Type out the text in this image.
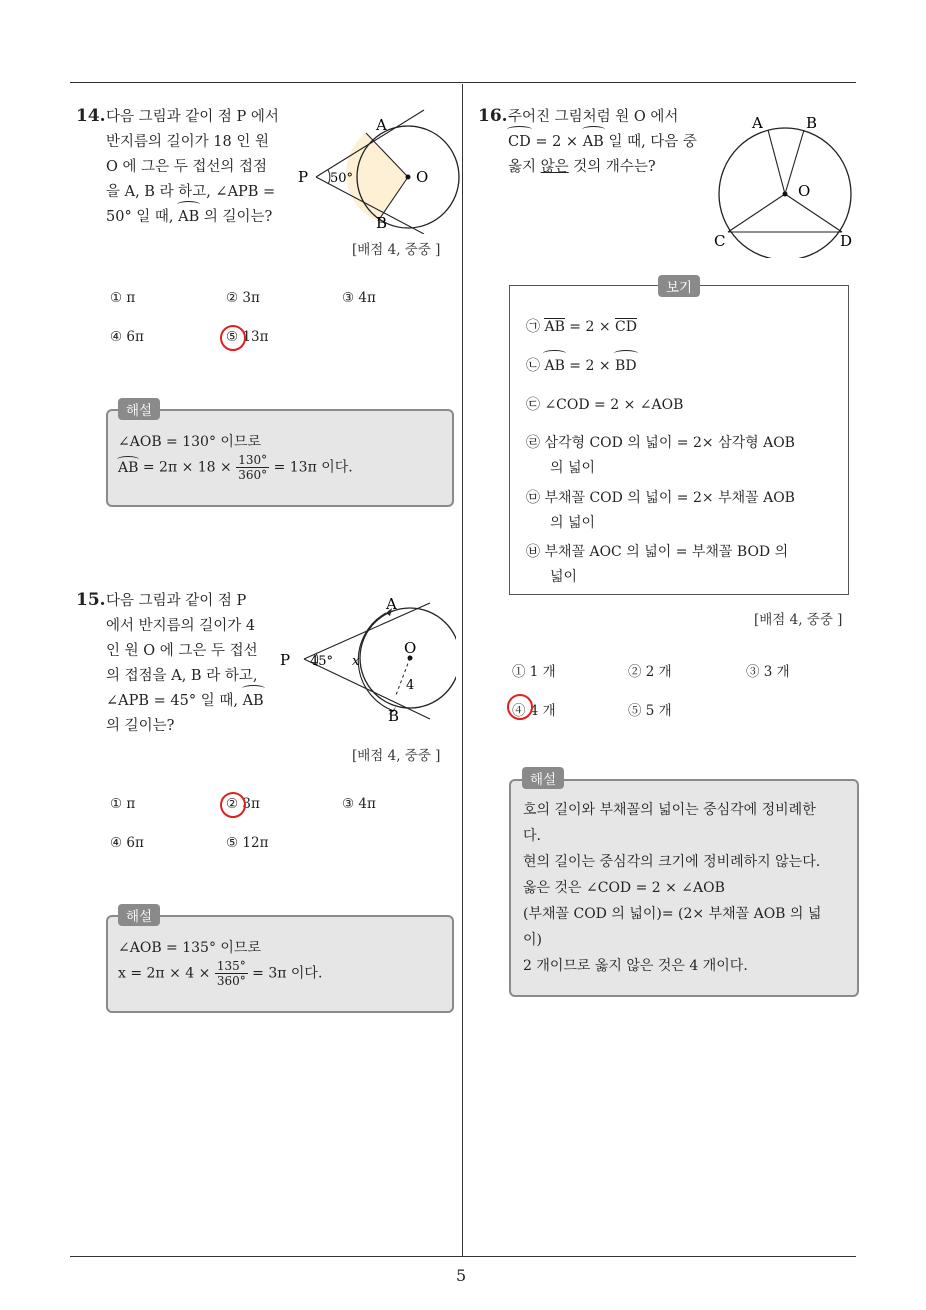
14. 다음 그림과 같이 점 P 에서
반지름의 길이가 18 인 원
O 에 그은 두 접선의 접점
을 A, B 라 하고, ∠APB =
50° 일 때, AB 의 길이는?
A
B
P	O
50°
[배점 4, 중중 ]
① π	② 3π	③ 4π
④ 6π	⑤ 13π
∠AOB = 130° 이므로
AB = $2\pi \times 18 \times \frac{130^\circ}{360^\circ} = 13\pi$ 이다.
해설
15. 다음 그림과 같이 점 P
에서 반지름의 길이가 4
인 원 O 에 그은 두 접선
의 접점을 A, B 라 하고,
∠APB = 45° 일 때, AB
의 길이는?
A
B
P
O
45° x
4
[배점 4, 중중 ]
① π	② 3π	③ 4π
④ 6π	⑤ 12π
∠AOB = 135° 이므로
$x = 2\pi \times 4 \times \frac{135^\circ}{360^\circ} = 3\pi$ 이다.
해설
16. 주어진 그림처럼 원 O 에서
CD = 2 × AB 일 때, 다음 중
옳지 않은 것의 개수는?
A	B
C	D
O
㉠ AB = 2 × CD
㉡ AB = 2 × BD
㉢ ∠COD = 2 × ∠AOB
㉣ 삼각형 COD 의 넓이 = 2× 삼각형 AOB
의 넓이
㉤ 부채꼴 COD 의 넓이 = 2× 부채꼴 AOB
의 넓이
㉥ 부채꼴 AOC 의 넓이 = 부채꼴 BOD 의
넓이
보기
[배점 4, 중중 ]
① 1 개	② 2 개	③ 3 개
④ 4 개	⑤ 5 개
호의 길이와 부채꼴의 넓이는 중심각에 정비례한
다.
현의 길이는 중심각의 크기에 정비례하지 않는다.
옳은 것은 ∠COD = 2 × ∠AOB
(부채꼴 COD 의 넓이)= (2× 부채꼴 AOB 의 넓
이)
2 개이므로 옳지 않은 것은 4 개이다.
해설
5
